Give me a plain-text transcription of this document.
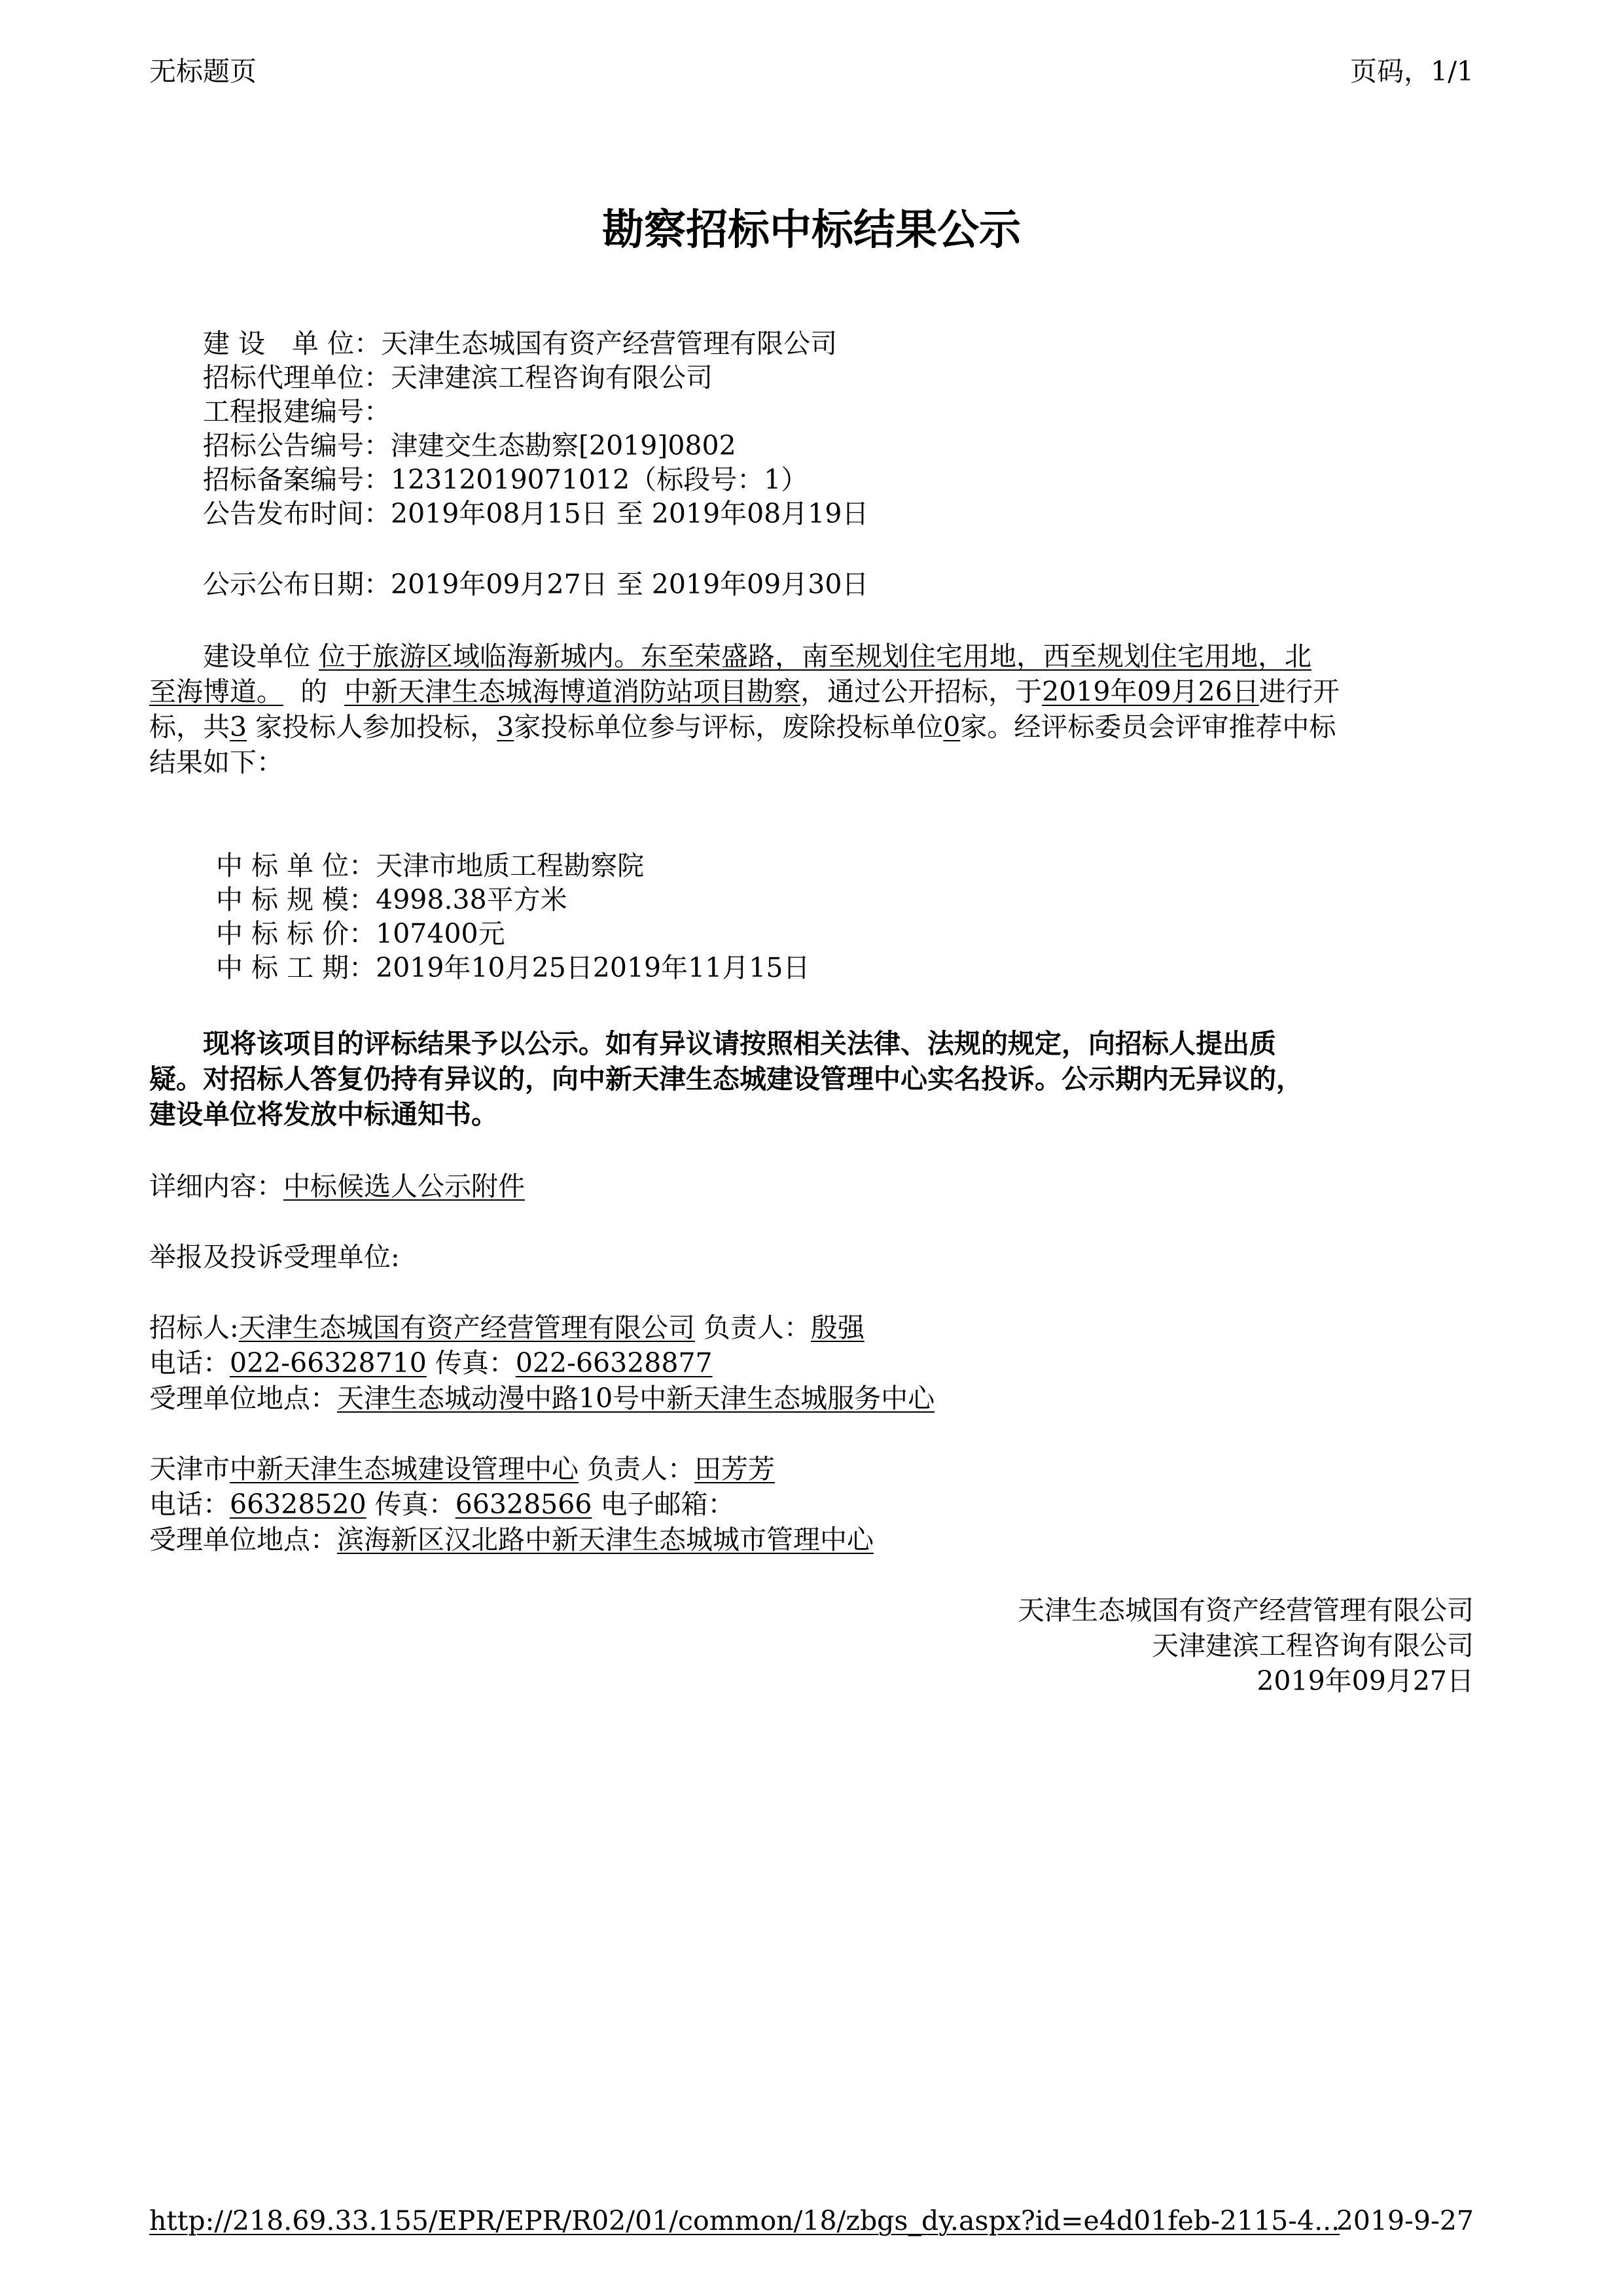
无标题页	页码，1/1
勘察招标中标结果公示
建 设　单 位：天津生态城国有资产经营管理有限公司
招标代理单位：天津建滨工程咨询有限公司
工程报建编号：
招标公告编号：津建交生态勘察[2019]0802
招标备案编号：12312019071012（标段号：1）
公告发布时间：2019年08月15日 至 2019年08月19日
公示公布日期：2019年09月27日 至 2019年09月30日
建设单位 位于旅游区域临海新城内。东至荣盛路，南至规划住宅用地，西至规划住宅用地，北
至海博道。  的  中新天津生态城海博道消防站项目勘察，通过公开招标，于2019年09月26日进行开
标，共3 家投标人参加投标，3家投标单位参与评标，废除投标单位0家。经评标委员会评审推荐中标
结果如下：
中 标 单 位：天津市地质工程勘察院
中 标 规 模：4998.38平方米
中 标 标 价：107400元
中 标 工 期：2019年10月25日2019年11月15日
现将该项目的评标结果予以公示。如有异议请按照相关法律、法规的规定，向招标人提出质
疑。对招标人答复仍持有异议的，向中新天津生态城建设管理中心实名投诉。公示期内无异议的，
建设单位将发放中标通知书。
详细内容：中标候选人公示附件
举报及投诉受理单位:
招标人:天津生态城国有资产经营管理有限公司 负责人：殷强
电话：022-66328710 传真：022-66328877
受理单位地点：天津生态城动漫中路10号中新天津生态城服务中心
天津市中新天津生态城建设管理中心 负责人：田芳芳
电话：66328520 传真：66328566 电子邮箱：
受理单位地点：滨海新区汉北路中新天津生态城城市管理中心
天津生态城国有资产经营管理有限公司
天津建滨工程咨询有限公司
2019年09月27日
http://218.69.33.155/EPR/EPR/R02/01/common/18/zbgs_dy.aspx?id=e4d01feb-2115-4...
2019-9-27
